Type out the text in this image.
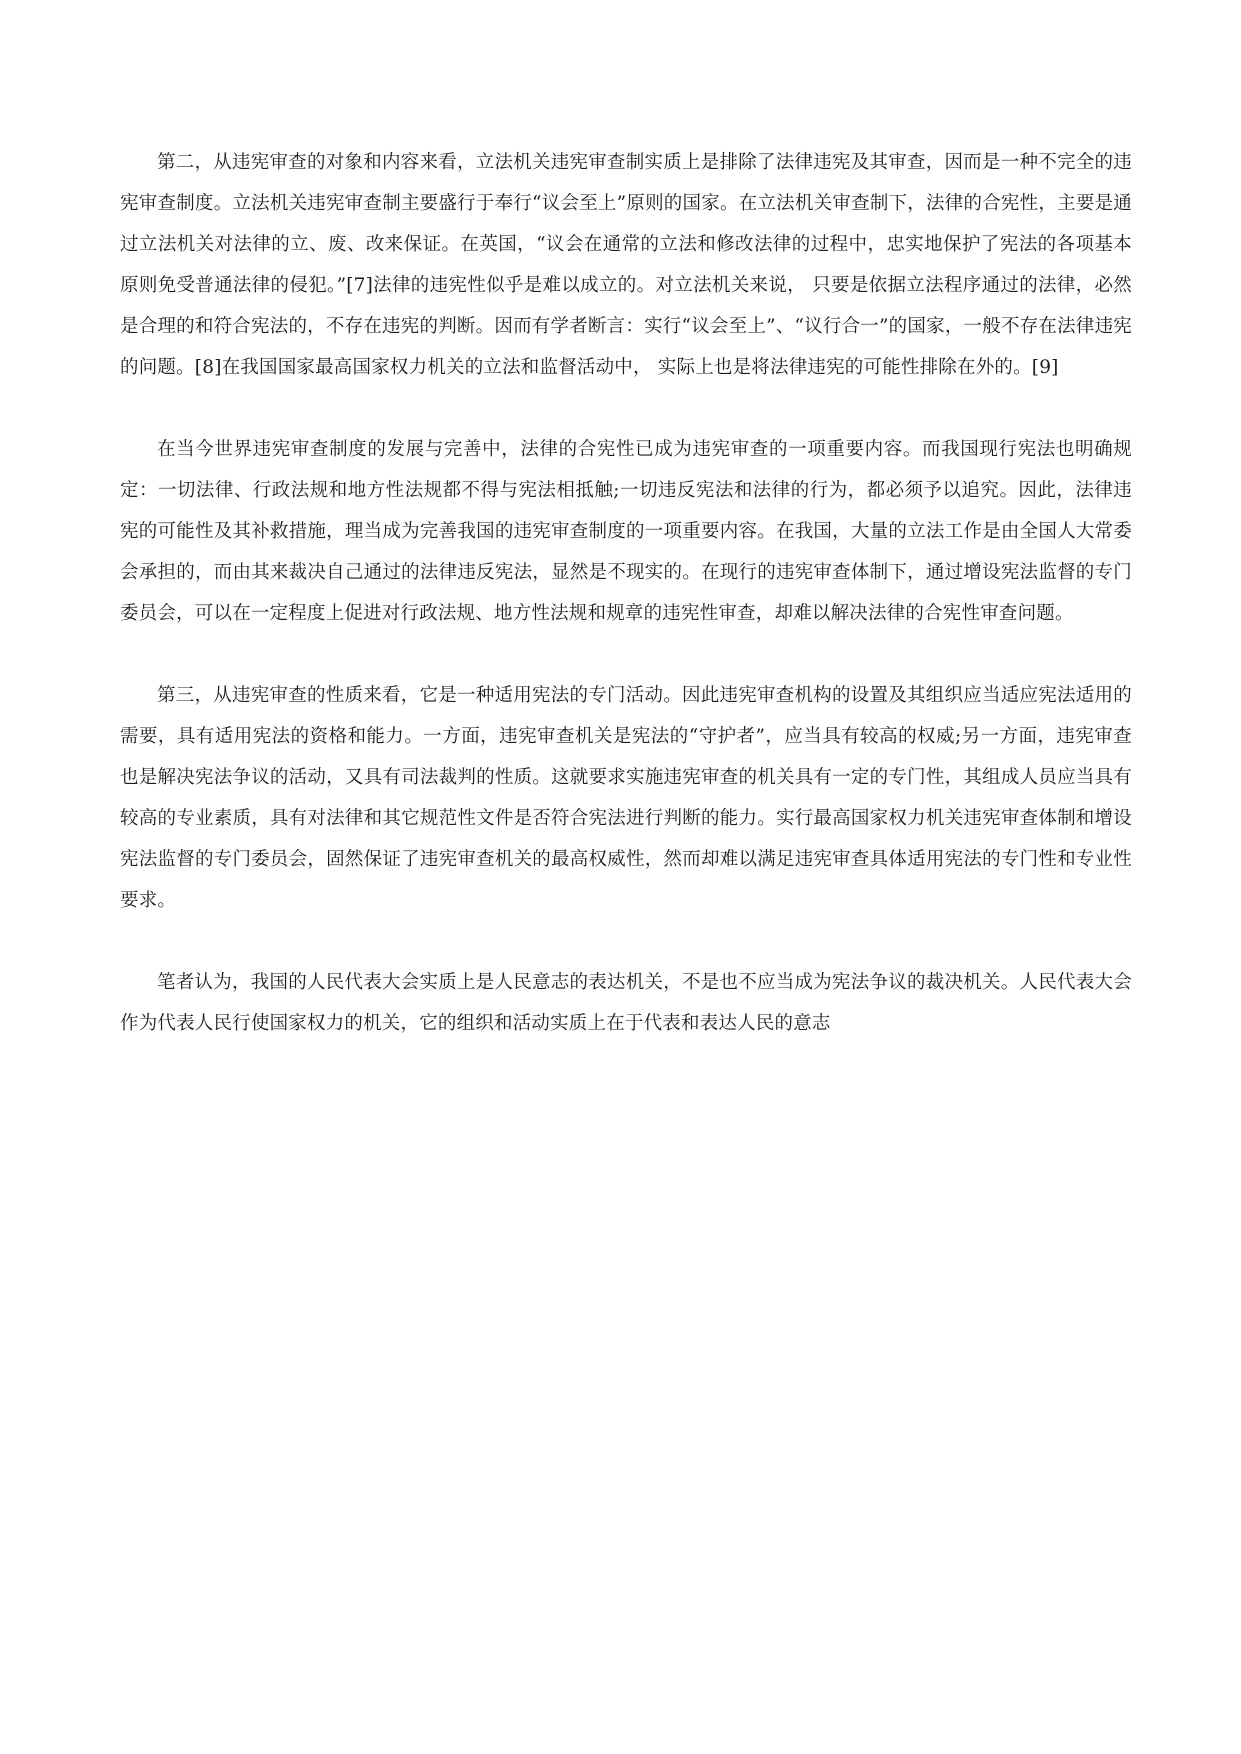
第二，从违宪审查的对象和内容来看，立法机关违宪审查制实质上是排除了法律违宪及其审查，因而是一种不完全的违宪审查制度。立法机关违宪审查制主要盛行于奉行“议会至上”原则的国家。在立法机关审查制下，法律的合宪性，主要是通过立法机关对法律的立、废、改来保证。在英国，“议会在通常的立法和修改法律的过程中，忠实地保护了宪法的各项基本原则免受普通法律的侵犯。”[7]法律的违宪性似乎是难以成立的。对立法机关来说， 只要是依据立法程序通过的法律，必然是合理的和符合宪法的，不存在违宪的判断。因而有学者断言：实行“议会至上”、“议行合一”的国家，一般不存在法律违宪的问题。[8]在我国国家最高国家权力机关的立法和监督活动中， 实际上也是将法律违宪的可能性排除在外的。[9]

在当今世界违宪审查制度的发展与完善中，法律的合宪性已成为违宪审查的一项重要内容。而我国现行宪法也明确规定：一切法律、行政法规和地方性法规都不得与宪法相抵触;一切违反宪法和法律的行为，都必须予以追究。因此，法律违宪的可能性及其补救措施，理当成为完善我国的违宪审查制度的一项重要内容。在我国，大量的立法工作是由全国人大常委会承担的，而由其来裁决自己通过的法律违反宪法，显然是不现实的。在现行的违宪审查体制下，通过增设宪法监督的专门委员会，可以在一定程度上促进对行政法规、地方性法规和规章的违宪性审查，却难以解决法律的合宪性审查问题。

第三，从违宪审查的性质来看，它是一种适用宪法的专门活动。因此违宪审查机构的设置及其组织应当适应宪法适用的需要，具有适用宪法的资格和能力。一方面，违宪审查机关是宪法的“守护者”，应当具有较高的权威;另一方面，违宪审查也是解决宪法争议的活动，又具有司法裁判的性质。这就要求实施违宪审查的机关具有一定的专门性，其组成人员应当具有较高的专业素质，具有对法律和其它规范性文件是否符合宪法进行判断的能力。实行最高国家权力机关违宪审查体制和增设宪法监督的专门委员会，固然保证了违宪审查机关的最高权威性，然而却难以满足违宪审查具体适用宪法的专门性和专业性要求。

笔者认为，我国的人民代表大会实质上是人民意志的表达机关，不是也不应当成为宪法争议的裁决机关。人民代表大会作为代表人民行使国家权力的机关，它的组织和活动实质上在于代表和表达人民的意志
